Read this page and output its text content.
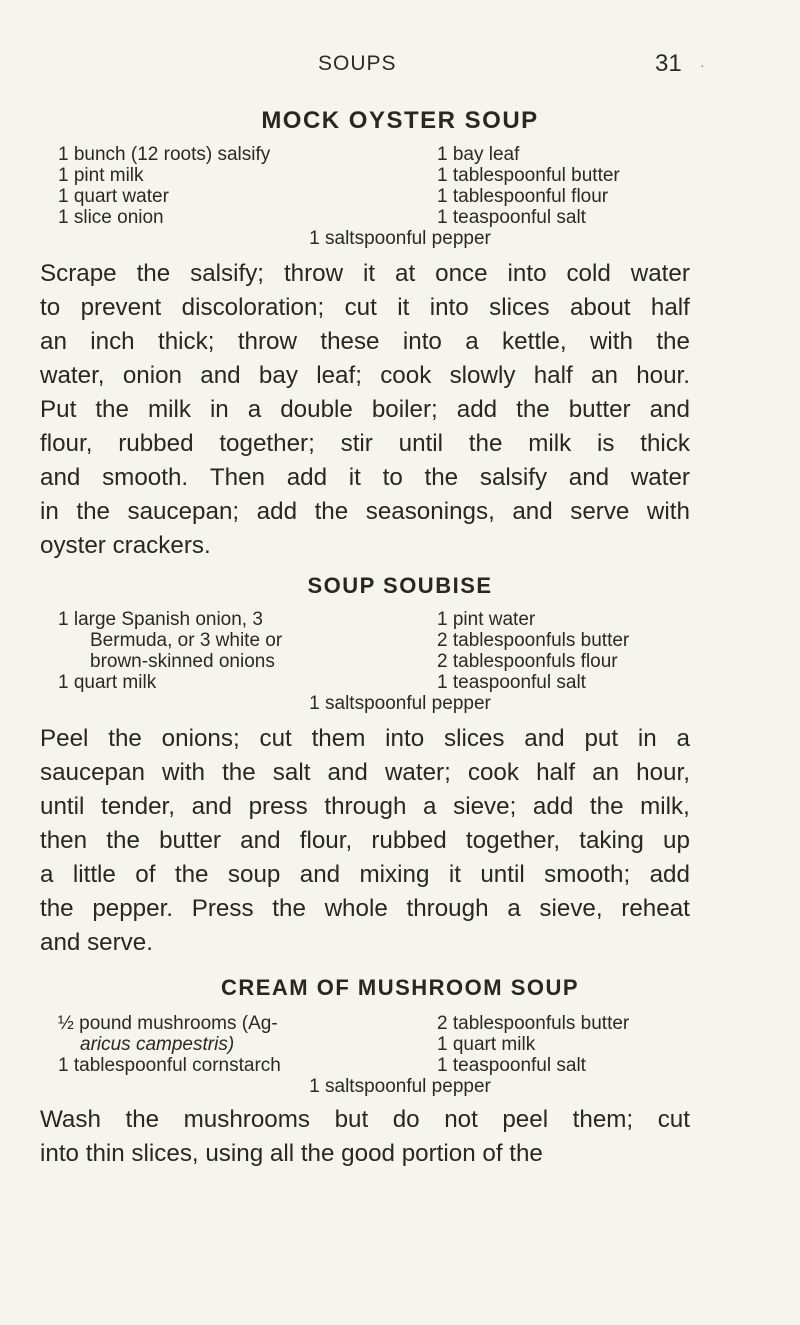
SOUPS	31 ·
MOCK OYSTER SOUP
1 bunch (12 roots) salsify
1 pint milk
1 quart water
1 slice onion
1 bay leaf
1 tablespoonful butter
1 tablespoonful flour
1 teaspoonful salt
1 saltspoonful pepper
Scrape the salsify; throw it at once into cold water
to prevent discoloration; cut it into slices about half
an inch thick; throw these into a kettle, with the
water, onion and bay leaf; cook slowly half an hour.
Put the milk in a double boiler; add the butter and
flour, rubbed together; stir until the milk is thick
and smooth. Then add it to the salsify and water
in the saucepan; add the seasonings, and serve with
oyster crackers.
SOUP SOUBISE
1 large Spanish onion, 3
Bermuda, or 3 white or
brown-skinned onions
1 quart milk
1 pint water
2 tablespoonfuls butter
2 tablespoonfuls flour
1 teaspoonful salt
1 saltspoonful pepper
Peel the onions; cut them into slices and put in a
saucepan with the salt and water; cook half an hour,
until tender, and press through a sieve; add the milk,
then the butter and flour, rubbed together, taking up
a little of the soup and mixing it until smooth; add
the pepper. Press the whole through a sieve, reheat
and serve.
CREAM OF MUSHROOM SOUP
½ pound mushrooms (Ag-
aricus campestris)
1 tablespoonful cornstarch
2 tablespoonfuls butter
1 quart milk
1 teaspoonful salt
1 saltspoonful pepper
Wash the mushrooms but do not peel them; cut
into thin slices, using all the good portion of the
